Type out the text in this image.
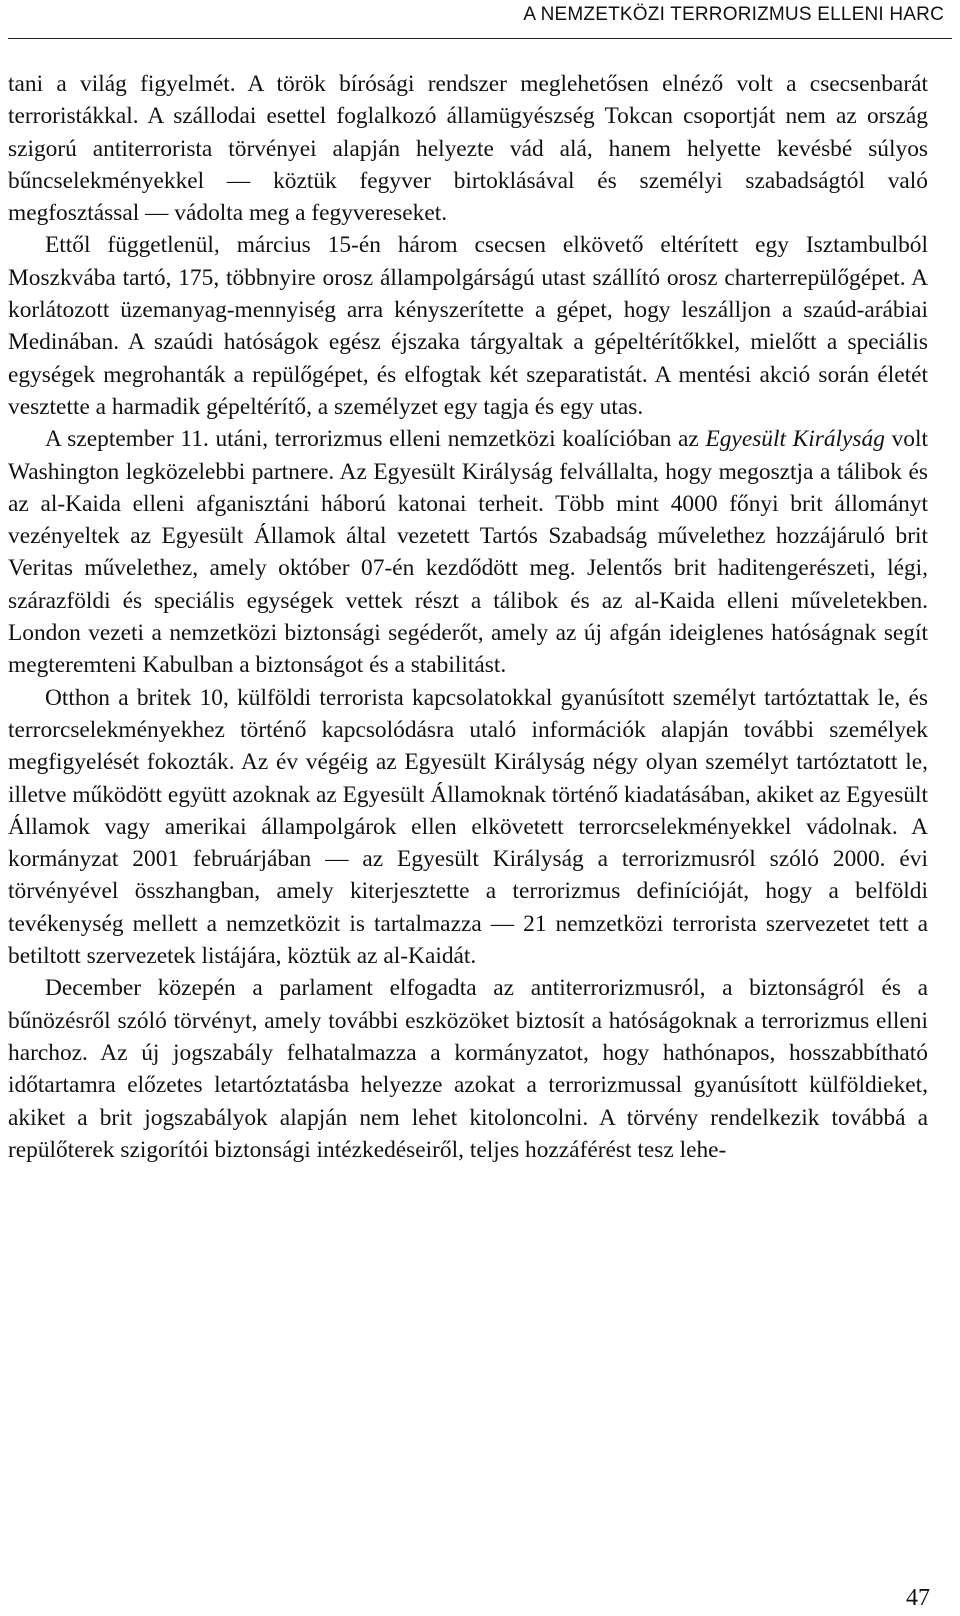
A NEMZETKÖZI TERRORIZMUS ELLENI HARC

tani a világ figyelmét. A török bírósági rendszer meglehetősen elnéző volt a csecsenbarát terroristákkal. A szállodai esettel foglalkozó államügyészség Tokcan csoportját nem az ország szigorú antiterrorista törvényei alapján helyezte vád alá, hanem helyette kevésbé súlyos bűncselekményekkel — köztük fegyver birtoklásával és személyi szabadságtól való megfosztással — vádolta meg a fegyvereseket.

Ettől függetlenül, március 15-én három csecsen elkövető eltérített egy Isztambulból Moszkvába tartó, 175, többnyire orosz állampolgárságú utast szállító orosz charterrepülőgépet. A korlátozott üzemanyag-mennyiség arra kényszerítette a gépet, hogy leszálljon a szaúd-arábiai Medinában. A szaúdi hatóságok egész éjszaka tárgyaltak a gépeltérítőkkel, mielőtt a speciális egységek megrohanták a repülőgépet, és elfogtak két szeparatistát. A mentési akció során életét vesztette a harmadik gépeltérítő, a személyzet egy tagja és egy utas.

A szeptember 11. utáni, terrorizmus elleni nemzetközi koalícióban az Egyesült Királyság volt Washington legközelebbi partnere. Az Egyesült Királyság felvállalta, hogy megosztja a tálibok és az al-Kaida elleni afganisztáni háború katonai terheit. Több mint 4000 főnyi brit állományt vezényeltek az Egyesült Államok által vezetett Tartós Szabadság művelethez hozzájáruló brit Veritas művelethez, amely október 07-én kezdődött meg. Jelentős brit haditengerészeti, légi, szárazföldi és speciális egységek vettek részt a tálibok és az al-Kaida elleni műveletekben. London vezeti a nemzetközi biztonsági segéderőt, amely az új afgán ideiglenes hatóságnak segít megteremteni Kabulban a biztonságot és a stabilitást.

Otthon a britek 10, külföldi terrorista kapcsolatokkal gyanúsított személyt tartóztattak le, és terrorcselekményekhez történő kapcsolódásra utaló információk alapján további személyek megfigyelését fokozták. Az év végéig az Egyesült Királyság négy olyan személyt tartóztatott le, illetve működött együtt azoknak az Egyesült Államoknak történő kiadatásában, akiket az Egyesült Államok vagy amerikai állampolgárok ellen elkövetett terrorcselekményekkel vádolnak. A kormányzat 2001 februárjában — az Egyesült Királyság a terrorizmusról szóló 2000. évi törvényével összhangban, amely kiterjesztette a terrorizmus definícióját, hogy a belföldi tevékenység mellett a nemzetközit is tartalmazza — 21 nemzetközi terrorista szervezetet tett a betiltott szervezetek listájára, köztük az al-Kaidát.

December közepén a parlament elfogadta az antiterrorizmusról, a biztonságról és a bűnözésről szóló törvényt, amely további eszközöket biztosít a hatóságoknak a terrorizmus elleni harchoz. Az új jogszabály felhatalmazza a kormányzatot, hogy hathónapos, hosszabbítható időtartamra előzetes letartóztatásba helyezze azokat a terrorizmussal gyanúsított külföldieket, akiket a brit jogszabályok alapján nem lehet kitoloncolni. A törvény rendelkezik továbbá a repülőterek szigorítói biztonsági intézkedéseiről, teljes hozzáférést tesz lehe-

47
